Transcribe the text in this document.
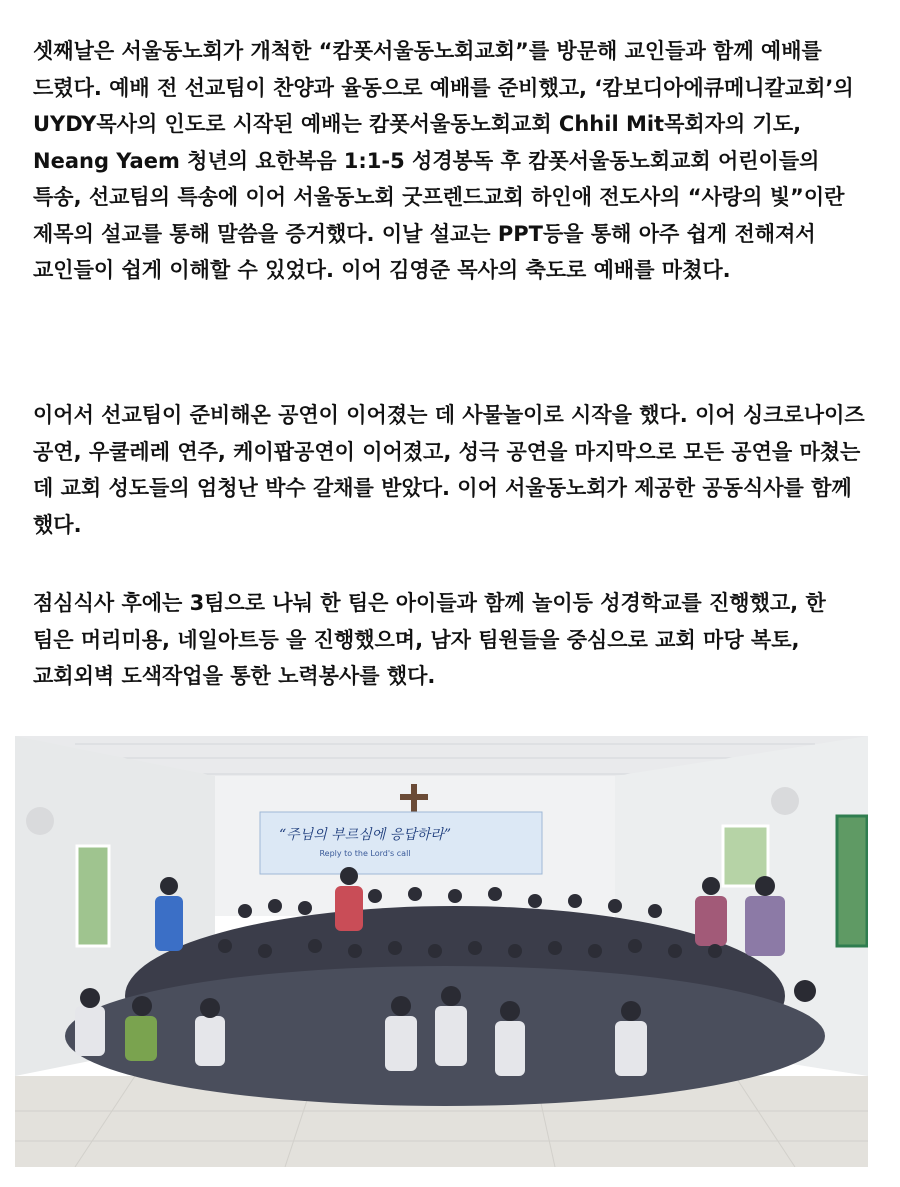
셋째날은 서울동노회가 개척한 “캄폿서울동노회교회”를 방문해 교인들과 함께 예배를 드렸다. 예배 전 선교팀이 찬양과 율동으로 예배를 준비했고, ‘캄보디아에큐메니칼교회’의 UYDY목사의 인도로 시작된 예배는 캄폿서울동노회교회 Chhil Mit목회자의 기도, Neang Yaem 청년의 요한복음 1:1-5 성경봉독 후 캄폿서울동노회교회 어린이들의 특송, 선교팀의 특송에 이어 서울동노회 굿프렌드교회 하인애 전도사의 “사랑의 빛”이란 제목의 설교를 통해 말씀을 증거했다. 이날 설교는 PPT등을 통해 아주 쉽게 전해져서 교인들이 쉽게 이해할 수 있었다. 이어 김영준 목사의 축도로 예배를 마쳤다.

이어서 선교팀이 준비해온 공연이 이어졌는 데 사물놀이로 시작을 했다. 이어 싱크로나이즈 공연, 우쿨레레 연주, 케이팝공연이 이어졌고, 성극 공연을 마지막으로 모든 공연을 마쳤는 데 교회 성도들의 엄청난 박수 갈채를 받았다. 이어 서울동노회가 제공한 공동식사를 함께 했다.

점심식사 후에는 3팀으로 나눠 한 팀은 아이들과 함께 놀이등 성경학교를 진행했고, 한 팀은 머리미용, 네일아트등 을 진행했으며, 남자 팀원들을 중심으로 교회 마당 복토, 교회외벽 도색작업을 통한 노력봉사를 했다.

“주님의 부르심에 응답하라”
Reply to the Lord's call
